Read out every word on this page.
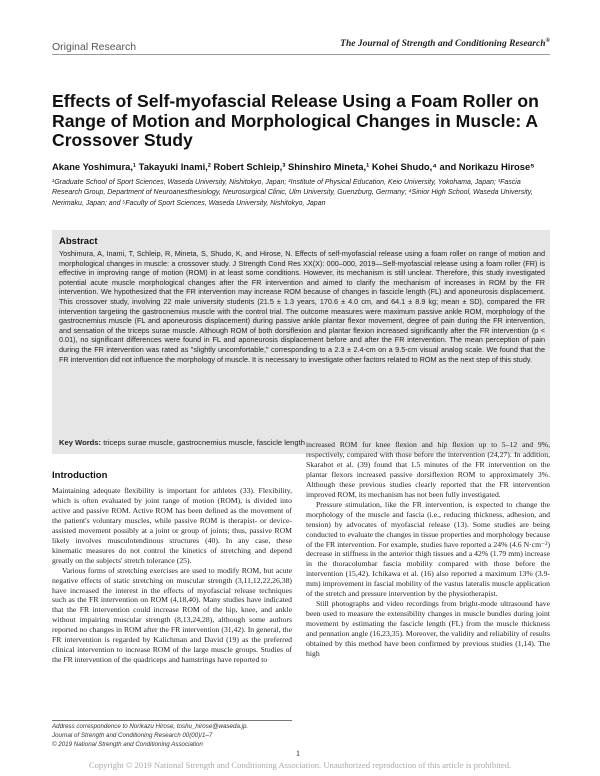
Original Research	The Journal of Strength and Conditioning Research®
Effects of Self-myofascial Release Using a Foam Roller on Range of Motion and Morphological Changes in Muscle: A Crossover Study
Akane Yoshimura,¹ Takayuki Inami,² Robert Schleip,³ Shinshiro Mineta,¹ Kohei Shudo,⁴ and Norikazu Hirose⁵
¹Graduate School of Sport Sciences, Waseda University, Nishitokyo, Japan; ²Institute of Physical Education, Keio University, Yokohama, Japan; ³Fascia Research Group, Department of Neuroanesthesiology, Neurosurgical Clinic, Ulm University, Guenzburg, Germany; ⁴Sinior High School, Waseda University, Nerimaku, Japan; and ⁵Faculty of Sport Sciences, Waseda University, Nishitokyo, Japan
Abstract
Yoshimura, A, Inami, T, Schleip, R, Mineta, S, Shudo, K, and Hirose, N. Effects of self-myofascial release using a foam roller on range of motion and morphological changes in muscle: a crossover study. J Strength Cond Res XX(X): 000–000, 2019—Self-myofascial release using a foam roller (FR) is effective in improving range of motion (ROM) in at least some conditions. However, its mechanism is still unclear. Therefore, this study investigated potential acute muscle morphological changes after the FR intervention and aimed to clarify the mechanism of increases in ROM by the FR intervention. We hypothesized that the FR intervention may increase ROM because of changes in fascicle length (FL) and aponeurosis displacement. This crossover study, involving 22 male university students (21.5 ± 1.3 years, 170.6 ± 4.0 cm, and 64.1 ± 8.9 kg; mean ± SD), compared the FR intervention targeting the gastrocnemius muscle with the control trial. The outcome measures were maximum passive ankle ROM, morphology of the gastrocnemius muscle (FL and aponeurosis displacement) during passive ankle plantar flexor movement, degree of pain during the FR intervention, and sensation of the triceps surae muscle. Although ROM of both dorsiflexion and plantar flexion increased significantly after the FR intervention (p < 0.01), no significant differences were found in FL and aponeurosis displacement before and after the FR intervention. The mean perception of pain during the FR intervention was rated as "slightly uncomfortable," corresponding to a 2.3 ± 2.4-cm on a 9.5-cm visual analog scale. We found that the FR intervention did not influence the morphology of muscle. It is necessary to investigate other factors related to ROM as the next step of this study.
Key Words: triceps surae muscle, gastrocnemius muscle, fascicle length
Introduction

Maintaining adequate flexibility is important for athletes (33). Flexibility, which is often evaluated by joint range of motion (ROM), is divided into active and passive ROM. Active ROM has been defined as the movement of the patient's voluntary muscles, while passive ROM is therapist- or device-assisted movement possibly at a joint or group of joints; thus, passive ROM likely involves musculotendinous structures (40). In any case, these kinematic measures do not control the kinetics of stretching and depend greatly on the subjects' stretch tolerance (25).

Various forms of stretching exercises are used to modify ROM, but acute negative effects of static stretching on muscular strength (3,11,12,22,26,38) have increased the interest in the effects of myofascial release techniques such as the FR intervention on ROM (4,18,40). Many studies have indicated that the FR intervention could increase ROM of the hip, knee, and ankle without impairing muscular strength (8,13,24,28), although some authors reported no changes in ROM after the FR intervention (31,42). In general, the FR intervention is regarded by Kalichman and David (19) as the preferred clinical intervention to increase ROM of the large muscle groups. Studies of the FR intervention of the quadriceps and hamstrings have reported to

increased ROM for knee flexion and hip flexion up to 5–12 and 9%, respectively, compared with those before the intervention (24,27). In addition, Skarabot et al. (39) found that 1.5 minutes of the FR intervention on the plantar flexors increased passive dorsiflexion ROM to approximately 3%. Although these previous studies clearly reported that the FR intervention improved ROM, its mechanism has not been fully investigated.

Pressure stimulation, like the FR intervention, is expected to change the morphology of the muscle and fascia (i.e., reducing thickness, adhesion, and tension) by advocates of myofascial release (13). Some studies are being conducted to evaluate the changes in tissue properties and morphology because of the FR intervention. For example, studies have reported a 24% (4.6 N·cm⁻²) decrease in stiffness in the anterior thigh tissues and a 42% (1.79 mm) increase in the thoracolumbar fascia mobility compared with those before the intervention (15,42). Ichikawa et al. (16) also reported a maximum 13% (3.9-mm) improvement in fascial mobility of the vastus lateralis muscle application of the stretch and pressure intervention by the physiotherapist.

Still photographs and video recordings from bright-mode ultrasound have been used to measure the extensibility changes in muscle bundles during joint movement by estimating the fascicle length (FL) from the muscle thickness and pennation angle (16,23,35). Moreover, the validity and reliability of results obtained by this method have been confirmed by previous studies (1,14). The high

Address correspondence to Norikazu Hirose, toshu_hirose@waseda.jp.
Journal of Strength and Conditioning Research 00(00)/1–7
© 2019 National Strength and Conditioning Association
1
Copyright © 2019 National Strength and Conditioning Association. Unauthorized reproduction of this article is prohibited.
